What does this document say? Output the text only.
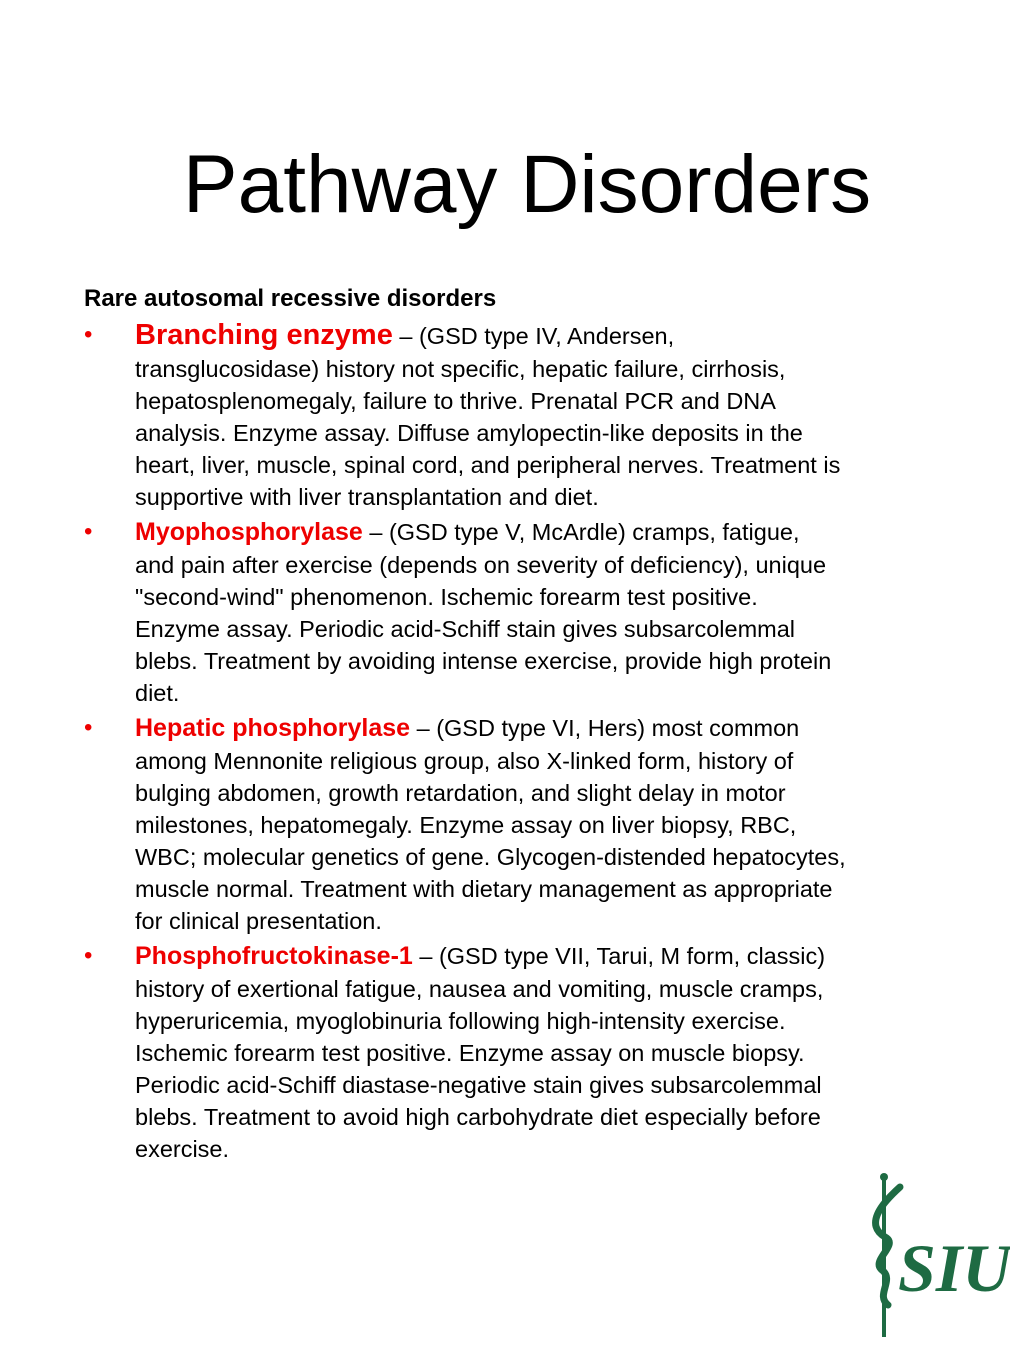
Pathway Disorders
Rare autosomal recessive disorders
• Branching enzyme – (GSD type IV, Andersen,
transglucosidase) history not specific, hepatic failure, cirrhosis,
hepatosplenomegaly, failure to thrive. Prenatal PCR and DNA
analysis. Enzyme assay. Diffuse amylopectin-like deposits in the
heart, liver, muscle, spinal cord, and peripheral nerves. Treatment is
supportive with liver transplantation and diet.
• Myophosphorylase – (GSD type V, McArdle) cramps, fatigue,
and pain after exercise (depends on severity of deficiency), unique
"second-wind" phenomenon. Ischemic forearm test positive.
Enzyme assay. Periodic acid-Schiff stain gives subsarcolemmal
blebs. Treatment by avoiding intense exercise, provide high protein
diet.
• Hepatic phosphorylase – (GSD type VI, Hers) most common
among Mennonite religious group, also X-linked form, history of
bulging abdomen, growth retardation, and slight delay in motor
milestones, hepatomegaly. Enzyme assay on liver biopsy, RBC,
WBC; molecular genetics of gene. Glycogen-distended hepatocytes,
muscle normal. Treatment with dietary management as appropriate
for clinical presentation.
• Phosphofructokinase-1 – (GSD type VII, Tarui, M form, classic)
history of exertional fatigue, nausea and vomiting, muscle cramps,
hyperuricemia, myoglobinuria following high-intensity exercise.
Ischemic forearm test positive. Enzyme assay on muscle biopsy.
Periodic acid-Schiff diastase-negative stain gives subsarcolemmal
blebs. Treatment to avoid high carbohydrate diet especially before
exercise.
SIU
